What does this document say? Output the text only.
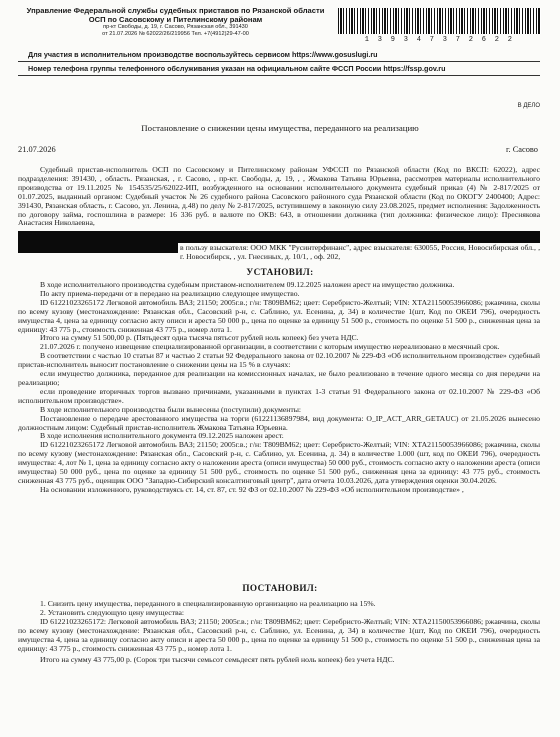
Управление Федеральной службы судебных приставов по Рязанской области
ОСП по Сасовскому и Пителинскому районам
пр-кт Свободы, д. 19, г. Сасово, Рязанская обл., 391430
от 21.07.2026 № 62022/26/219956 Тел. +7(4912)29-47-00
1 3 9 3 4 7 3 7 2 6 2 2
Для участия в исполнительном производстве воспользуйтесь сервисом https://www.gosuslugi.ru
Номер телефона группы телефонного обслуживания указан на официальном сайте ФССП России https://fssp.gov.ru
В ДЕЛО
Постановление о снижении цены имущества, переданного на реализацию
21.07.2026	г. Сасово

Судебный пристав-исполнитель ОСП по Сасовскому и Пителинскому районам УФССП по Рязанской области (Код по ВКСП: 62022), адрес подразделения: 391430, , область. Рязанская, , г. Сасово, , пр-кт. Свободы, д. 19, , , Жмакова Татьяна Юрьевна, рассмотрев материалы исполнительного производства от 19.11.2025 № 154535/25/62022-ИП, возбужденного на основании исполнительного документа судебный приказ (4) № 2-817/2025 от 01.07.2025, выданный органом: Судебный участок № 26 судебного района Сасовского районного суда Рязанской области (Код по ОКОГУ 2400400; Адрес: 391430, Рязанская область, г. Сасово, ул. Ленина, д.48) по делу № 2-817/2025, вступившему в законную силу 23.08.2025, предмет исполнения: Задолженность по договору займа, госпошлина в размере: 16 336 руб. в валюте по ОКВ: 643, в отношении должника (тип должника: физическое лицо): Преснякова Анастасия Николаевна,

в пользу взыскателя: ООО МКК "Русинтерфинанс", адрес взыскателя: 630055, Россия, Новосибирская обл., , г. Новосибирск, , ул. Гнесиных, д. 10/1, , оф. 202,

УСТАНОВИЛ:

В ходе исполнительного производства судебным приставом-исполнителем 09.12.2025 наложен арест на имущество должника.

По акту приема-передачи от в передано на реализацию следующее имущество.

ID 61221023265172 Легковой автомобиль ВАЗ; 21150; 2005г.в.; г/н: Т809ВМ62; цвет: Серебристо-Желтый; VIN: ХТА21150053966086; ржавчина, сколы по всему кузову (местонахождение: Рязанская обл., Сасовский р-н, с. Саблино, ул. Есенина, д. 34) в количестве 1(шт, Код по ОКЕИ 796), очередность имущества 4, цена за единицу согласно акту описи и ареста 50 000 р., цена по оценке за единицу 51 500 р., стоимость по оценке 51 500 р., сниженная цена за единицу: 43 775 р., стоимость сниженная 43 775 р., номер лота 1.

Итого на сумму 51 500,00 р. (Пятьдесят одна тысяча пятьсот рублей ноль копеек) без учета НДС.

21.07.2026 г. получено извещение специализированной организации, в соответствии с которым имущество нереализовано в месячный срок.

В соответствии с частью 10 статьи 87 и частью 2 статьи 92 Федерального закона от 02.10.2007 № 229-ФЗ «Об исполнительном производстве» судебный пристав-исполнитель выносит постановление о снижении цены на 15 % в случаях:

если имущество должника, переданное для реализации на комиссионных началах, не было реализовано в течение одного месяца со дня передачи на реализацию;

если проведение вторичных торгов вызвано причинами, указанными в пунктах 1-3 статьи 91 Федерального закона от 02.10.2007 № 229-ФЗ «Об исполнительном производстве».

В ходе исполнительного производства были вынесены (поступили) документы:

Постановление о передаче арестованного имущества на торги (61221136897984, вид документа: О_IP_ACT_ARR_GETAUC) от 21.05.2026 вынесено должностным лицом: Судебный пристав-исполнитель Жмакова Татьяна Юрьевна.

В ходе исполнения исполнительного документа 09.12.2025 наложен арест.

ID 61221023265172 Легковой автомобиль ВАЗ; 21150; 2005г.в.; г/н: Т809ВМ62; цвет: Серебристо-Желтый; VIN: ХТА21150053966086; ржавчина, сколы по всему кузову (местонахождение: Рязанская обл., Сасовский р-н, с. Саблино, ул. Есенина, д. 34) в количестве 1.000 (шт, код по ОКЕИ 796), очередность имущества: 4, лот № 1, цена за единицу согласно акту о наложении ареста (описи имущества) 50 000 руб., стоимость согласно акту о наложении ареста (описи имущества) 50 000 руб., цена по оценке за единицу 51 500 руб., стоимость по оценке 51 500 руб., сниженная цена за единицу: 43 775 руб., стоимость сниженная 43 775 руб., оценщик ООО "Западно-Сибирский консалтинговый центр", дата отчета 10.03.2026, дата утверждения оценки 30.04.2026.

На основании изложенного, руководствуясь ст. 14, ст. 87, ст. 92 ФЗ от 02.10.2007 № 229-ФЗ «Об исполнительном производстве» ,

ПОСТАНОВИЛ:

1. Снизить цену имущества, переданного в специализированную организацию на реализацию на 15%.

2. Установить следующую цену имущества:

ID 61221023265172: Легковой автомобиль ВАЗ; 21150; 2005г.в.; г/н: Т809ВМ62; цвет: Серебристо-Желтый; VIN: ХТА21150053966086; ржавчина, сколы по всему кузову (местонахождение: Рязанская обл., Сасовский р-н, с. Саблино, ул. Есенина, д. 34) в количестве 1(шт, Код по ОКЕИ 796), очередность имущества 4, цена за единицу согласно акту описи и ареста 50 000 р., цена по оценке за единицу 51 500 р., стоимость по оценке 51 500 р., сниженная цена за единицу: 43 775 р., стоимость сниженная 43 775 р., номер лота 1.

Итого на сумму 43 775,00 р. (Сорок три тысячи семьсот семьдесят пять рублей ноль копеек) без учета НДС.
